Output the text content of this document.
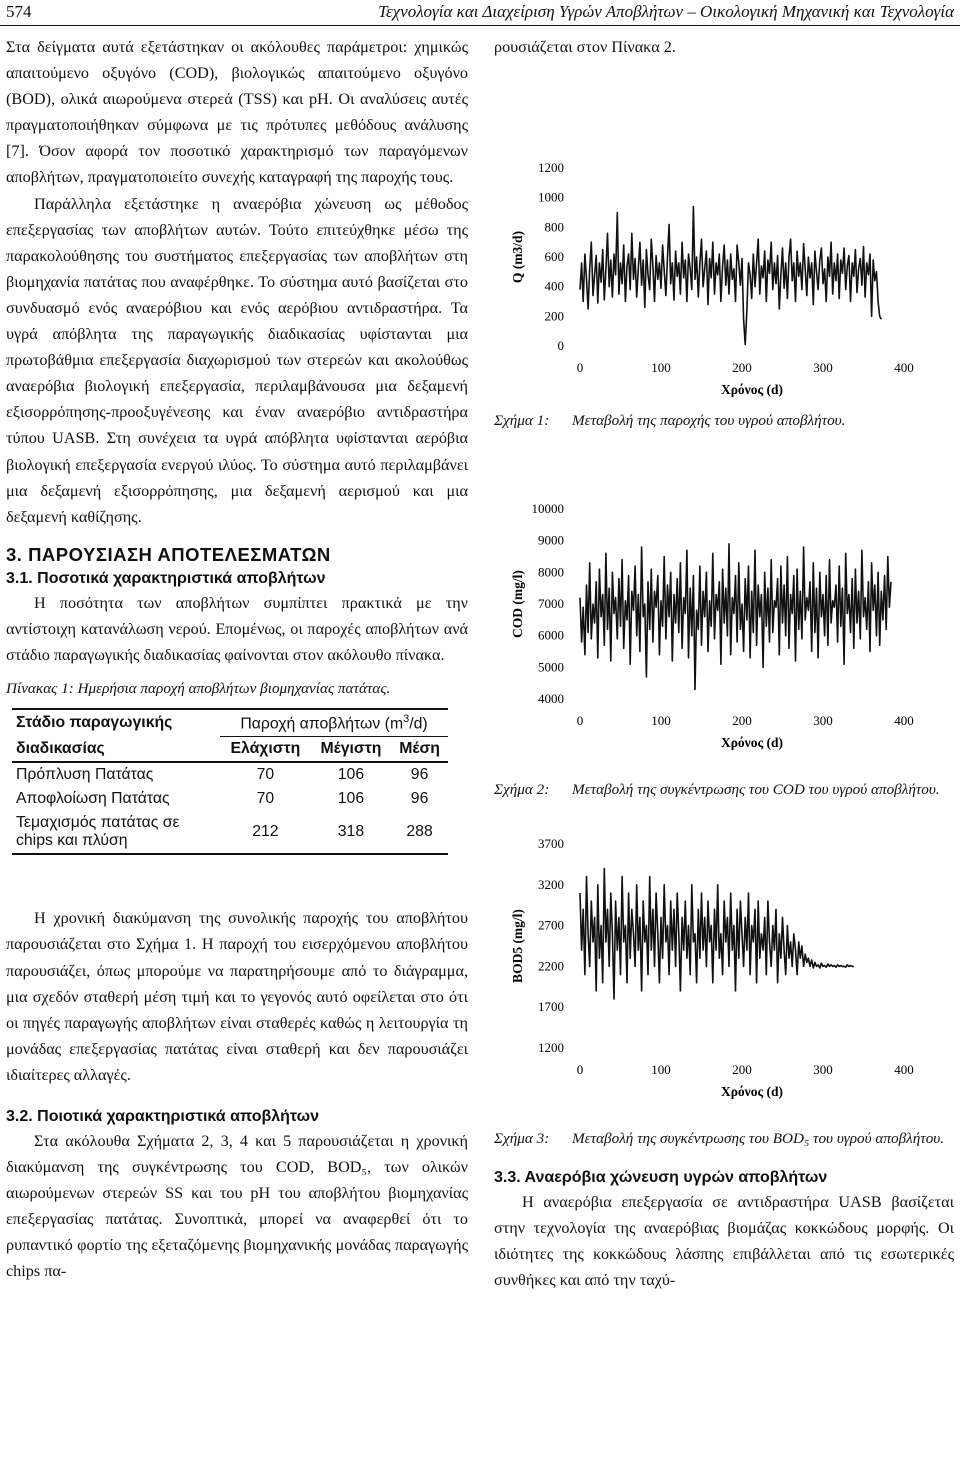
574	Τεχνολογία και Διαχείριση Υγρών Αποβλήτων – Οικολογική Μηχανική και Τεχνολογία

Στα δείγματα αυτά εξετάστηκαν οι ακόλουθες παράμετροι: χημικώς απαιτούμενο οξυγόνο (COD), βιολογικώς απαιτούμενο οξυγόνο (BOD), ολικά αιωρούμενα στερεά (TSS) και pH. Οι αναλύσεις αυτές πραγματοποιήθηκαν σύμφωνα με τις πρότυπες μεθόδους ανάλυσης [7]. Όσον αφορά τον ποσοτικό χαρακτηρισμό των παραγόμενων αποβλήτων, πραγματοποιείτο συνεχής καταγραφή της παροχής τους.

Παράλληλα εξετάστηκε η αναερόβια χώνευση ως μέθοδος επεξεργασίας των αποβλήτων αυτών. Τούτο επιτεύχθηκε μέσω της παρακολούθησης του συστήματος επεξεργασίας των αποβλήτων στη βιομηχανία πατάτας που αναφέρθηκε. Το σύστημα αυτό βασίζεται στο συνδυασμό ενός αναερόβιου και ενός αερόβιου αντιδραστήρα. Τα υγρά απόβλητα της παραγωγικής διαδικασίας υφίστανται μια πρωτοβάθμια επεξεργασία διαχωρισμού των στερεών και ακολούθως αναερόβια βιολογική επεξεργασία, περιλαμβάνουσα μια δεξαμενή εξισορρόπησης-προοξυγένεσης και έναν αναερόβιο αντιδραστήρα τύπου UASB. Στη συνέχεια τα υγρά απόβλητα υφίστανται αερόβια βιολογική επεξεργασία ενεργού ιλύος. Το σύστημα αυτό περιλαμβάνει μια δεξαμενή εξισορρόπησης, μια δεξαμενή αερισμού και μια δεξαμενή καθίζησης.

3. ΠΑΡΟΥΣΙΑΣΗ ΑΠΟΤΕΛΕΣΜΑΤΩΝ
3.1. Ποσοτικά χαρακτηριστικά αποβλήτων

Η ποσότητα των αποβλήτων συμπίπτει πρακτικά με την αντίστοιχη κατανάλωση νερού. Επομένως, οι παροχές αποβλήτων ανά στάδιο παραγωγικής διαδικασίας φαίνονται στον ακόλουθο πίνακα.

Πίνακας 1: Ημερήσια παροχή αποβλήτων βιομηχανίας πατάτας.
Στάδιο παραγωγικής	Παροχή αποβλήτων $(m^3/d)$		
διαδικασίας	Ελάχιστη	Μέγιστη	Μέση
Πρόπλυση Πατάτας	70	106	96
Αποφλοίωση Πατάτας	70	106	96
Τεμαχισμός πατάτας σε chips και πλύση	212	318	288

Η χρονική διακύμανση της συνολικής παροχής του αποβλήτου παρουσιάζεται στο Σχήμα 1. Η παροχή του εισερχόμενου αποβλήτου παρουσιάζει, όπως μπορούμε να παρατηρήσουμε από το διάγραμμα, μια σχεδόν σταθερή μέση τιμή και το γεγονός αυτό οφείλεται στο ότι οι πηγές παραγωγής αποβλήτων είναι σταθερές καθώς η λειτουργία τη μονάδας επεξεργασίας πατάτας είναι σταθερή και δεν παρουσιάζει ιδιαίτερες αλλαγές.

3.2. Ποιοτικά χαρακτηριστικά αποβλήτων

Στα ακόλουθα Σχήματα 2, 3, 4 και 5 παρουσιάζεται η χρονική διακύμανση της συγκέντρωσης του COD, BOD₅, των ολικών αιωρούμενων στερεών SS και του pH του αποβλήτου βιομηχανίας επεξεργασίας πατάτας. Συνοπτικά, μπορεί να αναφερθεί ότι το ρυπαντικό φορτίο της εξεταζόμενης βιομηχανικής μονάδας παραγωγής chips πα-

ρουσιάζεται στον Πίνακα 2.

0
200
400
600
800
1000
1200
0	100	200	300	400
Χρόνος (d)
Q (m3/d)
Σχήμα 1:	Μεταβολή της παροχής του υγρού αποβλήτου.
4000
5000
6000
7000
8000
9000
10000
0	100	200	300	400
Χρόνος (d)
COD (mg/l)
Σχήμα 2:	Μεταβολή της συγκέντρωσης του COD του υγρού αποβλήτου.
1200
1700
2200
2700
3200
3700
0	100	200	300	400
Χρόνος (d)
BOD5 (mg/l)
Σχήμα 3:	Μεταβολή της συγκέντρωσης του BOD₅ του υγρού αποβλήτου.
3.3. Αναερόβια χώνευση υγρών αποβλήτων

Η αναερόβια επεξεργασία σε αντιδραστήρα UASB βασίζεται στην τεχνολογία της αναερόβιας βιομάζας κοκκώδους μορφής. Οι ιδιότητες της κοκκώδους λάσπης επιβάλλεται από τις εσωτερικές συνθήκες και από την ταχύ-
